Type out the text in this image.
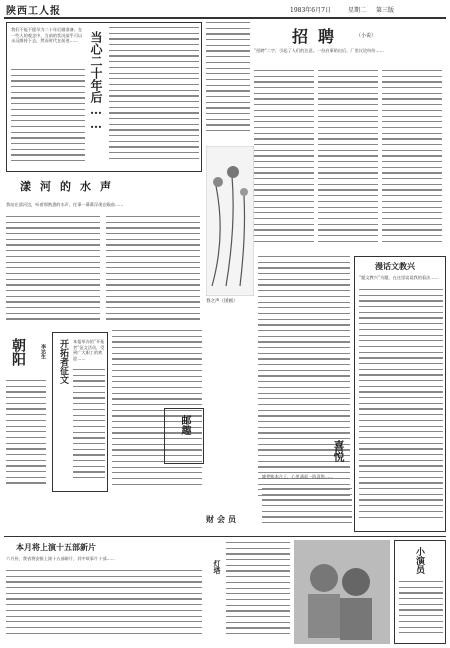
陕西工人报	1983年6月7日	星期二 第三版
当心二十年后……
我们不能不提早为二十年后做准备。在一些人的观念中，当前的状况似乎可以永远维持下去，然而时代在前进……	招聘 （小说）
“招聘”二字，引起了人们的注意。一份启事贴出后，厂里议论纷纷……
漾河的水声
我站在漾河边，听着那熟悉的水声，往事一幕幕浮现在眼前……
春之声（国画）
朝阳	李达生 开拓者征文	本报举办的“开拓者”征文活动，受到广大职工的欢迎……
邮趣
喜悦
她把账本合上，心里涌起一阵喜悦……
财会员
漫话文教兴
“题文教兴”为题，在这里谈谈我的看法……
本月将上演十五部新片
六月份，我省将安排上演十五部新片，其中故事片十部……
灯塔	小演员
